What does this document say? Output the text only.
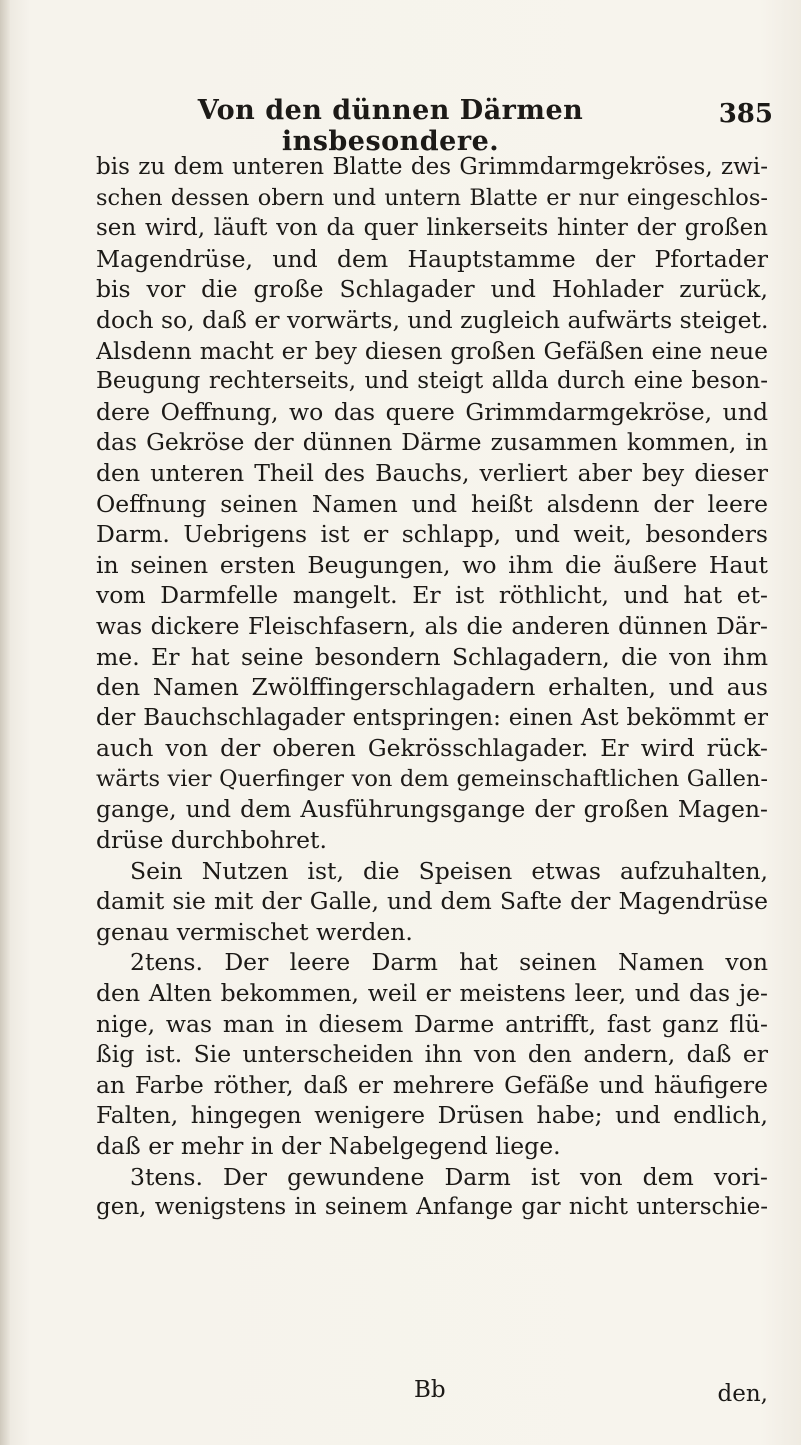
Von den dünnen Därmen insbesondere.
385
bis zu dem unteren Blatte des Grimmdarmgekröses, zwi-
schen dessen obern und untern Blatte er nur eingeschlos-
sen wird, läuft von da quer linkerseits hinter der großen
Magendrüse, und dem Hauptstamme der Pfortader
bis vor die große Schlagader und Hohlader zurück,
doch so, daß er vorwärts, und zugleich aufwärts steiget.
Alsdenn macht er bey diesen großen Gefäßen eine neue
Beugung rechterseits, und steigt allda durch eine beson-
dere Oeffnung, wo das quere Grimmdarmgekröse, und
das Gekröse der dünnen Därme zusammen kommen, in
den unteren Theil des Bauchs, verliert aber bey dieser
Oeffnung seinen Namen und heißt alsdenn der leere
Darm. Uebrigens ist er schlapp, und weit, besonders
in seinen ersten Beugungen, wo ihm die äußere Haut
vom Darmfelle mangelt. Er ist röthlicht, und hat et-
was dickere Fleischfasern, als die anderen dünnen Där-
me. Er hat seine besondern Schlagadern, die von ihm
den Namen Zwölffingerschlagadern erhalten, und aus
der Bauchschlagader entspringen: einen Ast bekömmt er
auch von der oberen Gekrösschlagader. Er wird rück-
wärts vier Querfinger von dem gemeinschaftlichen Gallen-
gange, und dem Ausführungsgange der großen Magen-
drüse durchbohret.
Sein Nutzen ist, die Speisen etwas aufzuhalten,
damit sie mit der Galle, und dem Safte der Magendrüse
genau vermischet werden.
2tens. Der leere Darm hat seinen Namen von
den Alten bekommen, weil er meistens leer, und das je-
nige, was man in diesem Darme antrifft, fast ganz flü-
ßig ist. Sie unterscheiden ihn von den andern, daß er
an Farbe röther, daß er mehrere Gefäße und häufigere
Falten, hingegen wenigere Drüsen habe; und endlich,
daß er mehr in der Nabelgegend liege.
3tens. Der gewundene Darm ist von dem vori-
gen, wenigstens in seinem Anfange gar nicht unterschie-
Bb	den,
